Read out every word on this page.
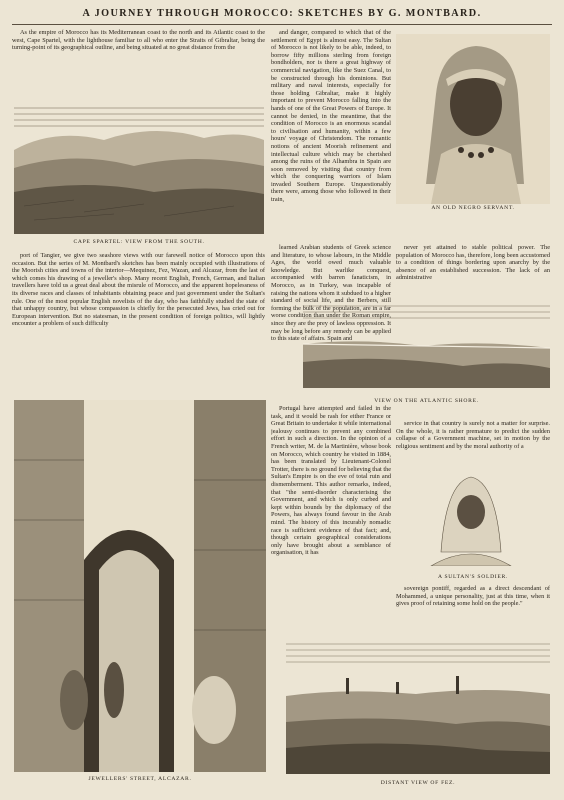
A JOURNEY THROUGH MOROCCO: SKETCHES BY G. MONTBARD.

As the empire of Morocco has its Mediterranean coast to the north and its Atlantic coast to the west, Cape Spartel, with the lighthouse familiar to all who enter the Straits of Gibraltar, being the turning-point of its geographical outline, and being situated at no great distance from the

and danger, compared to which that of the settlement of Egypt is almost easy. The Sultan of Morocco is not likely to be able, indeed, to borrow fifty millions sterling from foreign bondholders, nor is there a great highway of commercial navigation, like the Suez Canal, to be constructed through his dominions. But military and naval interests, especially for those holding Gibraltar, make it highly important to prevent Morocco falling into the hands of one of the Great Powers of Europe. It cannot be denied, in the meantime, that the condition of Morocco is an enormous scandal to civilisation and humanity, within a few hours' voyage of Christendom. The romantic notions of ancient Moorish refinement and intellectual culture which may be cherished among the ruins of the Alhambra in Spain are soon removed by visiting that country from which the conquering warriors of Islam invaded Southern Europe. Unquestionably there were, among those who followed in their train,

CAPE SPARTEL: VIEW FROM THE SOUTH.
AN OLD NEGRO SERVANT.

port of Tangier, we give two seashore views with our farewell notice of Morocco upon this occasion. But the series of M. Montbard's sketches has been mainly occupied with illustrations of the Moorish cities and towns of the interior—Mequinez, Fez, Wazan, and Alcazar, from the last of which comes his drawing of a jeweller's shop. Many recent English, French, German, and Italian travellers have told us a great deal about the misrule of Morocco, and the apparent hopelessness of its diverse races and classes of inhabitants obtaining peace and just government under the Sultan's rule. One of the most popular English novelists of the day, who has faithfully studied the state of that unhappy country, but whose compassion is chiefly for the persecuted Jews, has cried out for European intervention. But no statesman, in the present condition of foreign politics, will lightly encounter a problem of such difficulty

never yet attained to stable political power. The population of Morocco has, therefore, long been accustomed to a condition of things bordering upon anarchy by the absence of an established succession. The lack of an administrative

VIEW ON THE ATLANTIC SHORE.
JEWELLERS' STREET, ALCAZAR.

Portugal have attempted and failed in the task, and it would be rash for either France or Great Britain to undertake it while international jealousy continues to prevent any combined effort in such a direction. In the opinion of a French writer, M. de la Martinière, whose book on Morocco, which country he visited in 1884, has been translated by Lieutenant-Colonel Trotter, there is no ground for believing that the Sultan's Empire is on the eve of total ruin and dismemberment. This author remarks, indeed, that "the semi-disorder characterising the Government, and which is only curbed and kept within bounds by the diplomacy of the Powers, has always found favour in the Arab mind. The history of this incurably nomadic race is sufficient evidence of that fact; and, though certain geographical considerations only have brought about a semblance of organisation, it has

service in that country is surely not a matter for surprise. On the whole, it is rather premature to predict the sudden collapse of a Government machine, set in motion by the religious sentiment and by the moral authority of a

A SULTAN'S SOLDIER.

sovereign pontiff, regarded as a direct descendant of Mohammed, a unique personality, just at this time, when it gives proof of retaining some hold on the people."

learned Arabian students of Greek science and literature, to whose labours, in the Middle Ages, the world owed much valuable knowledge. But warlike conquest, accompanied with barren fanaticism, in Morocco, as in Turkey, was incapable of raising the nations whom it subdued to a higher standard of social life, and the Berbers, still forming the bulk of the population, are in a far worse condition than under the Roman empire, since they are the prey of lawless oppression. It may be long before any remedy can be applied to this state of affairs. Spain and

DISTANT VIEW OF FEZ.
